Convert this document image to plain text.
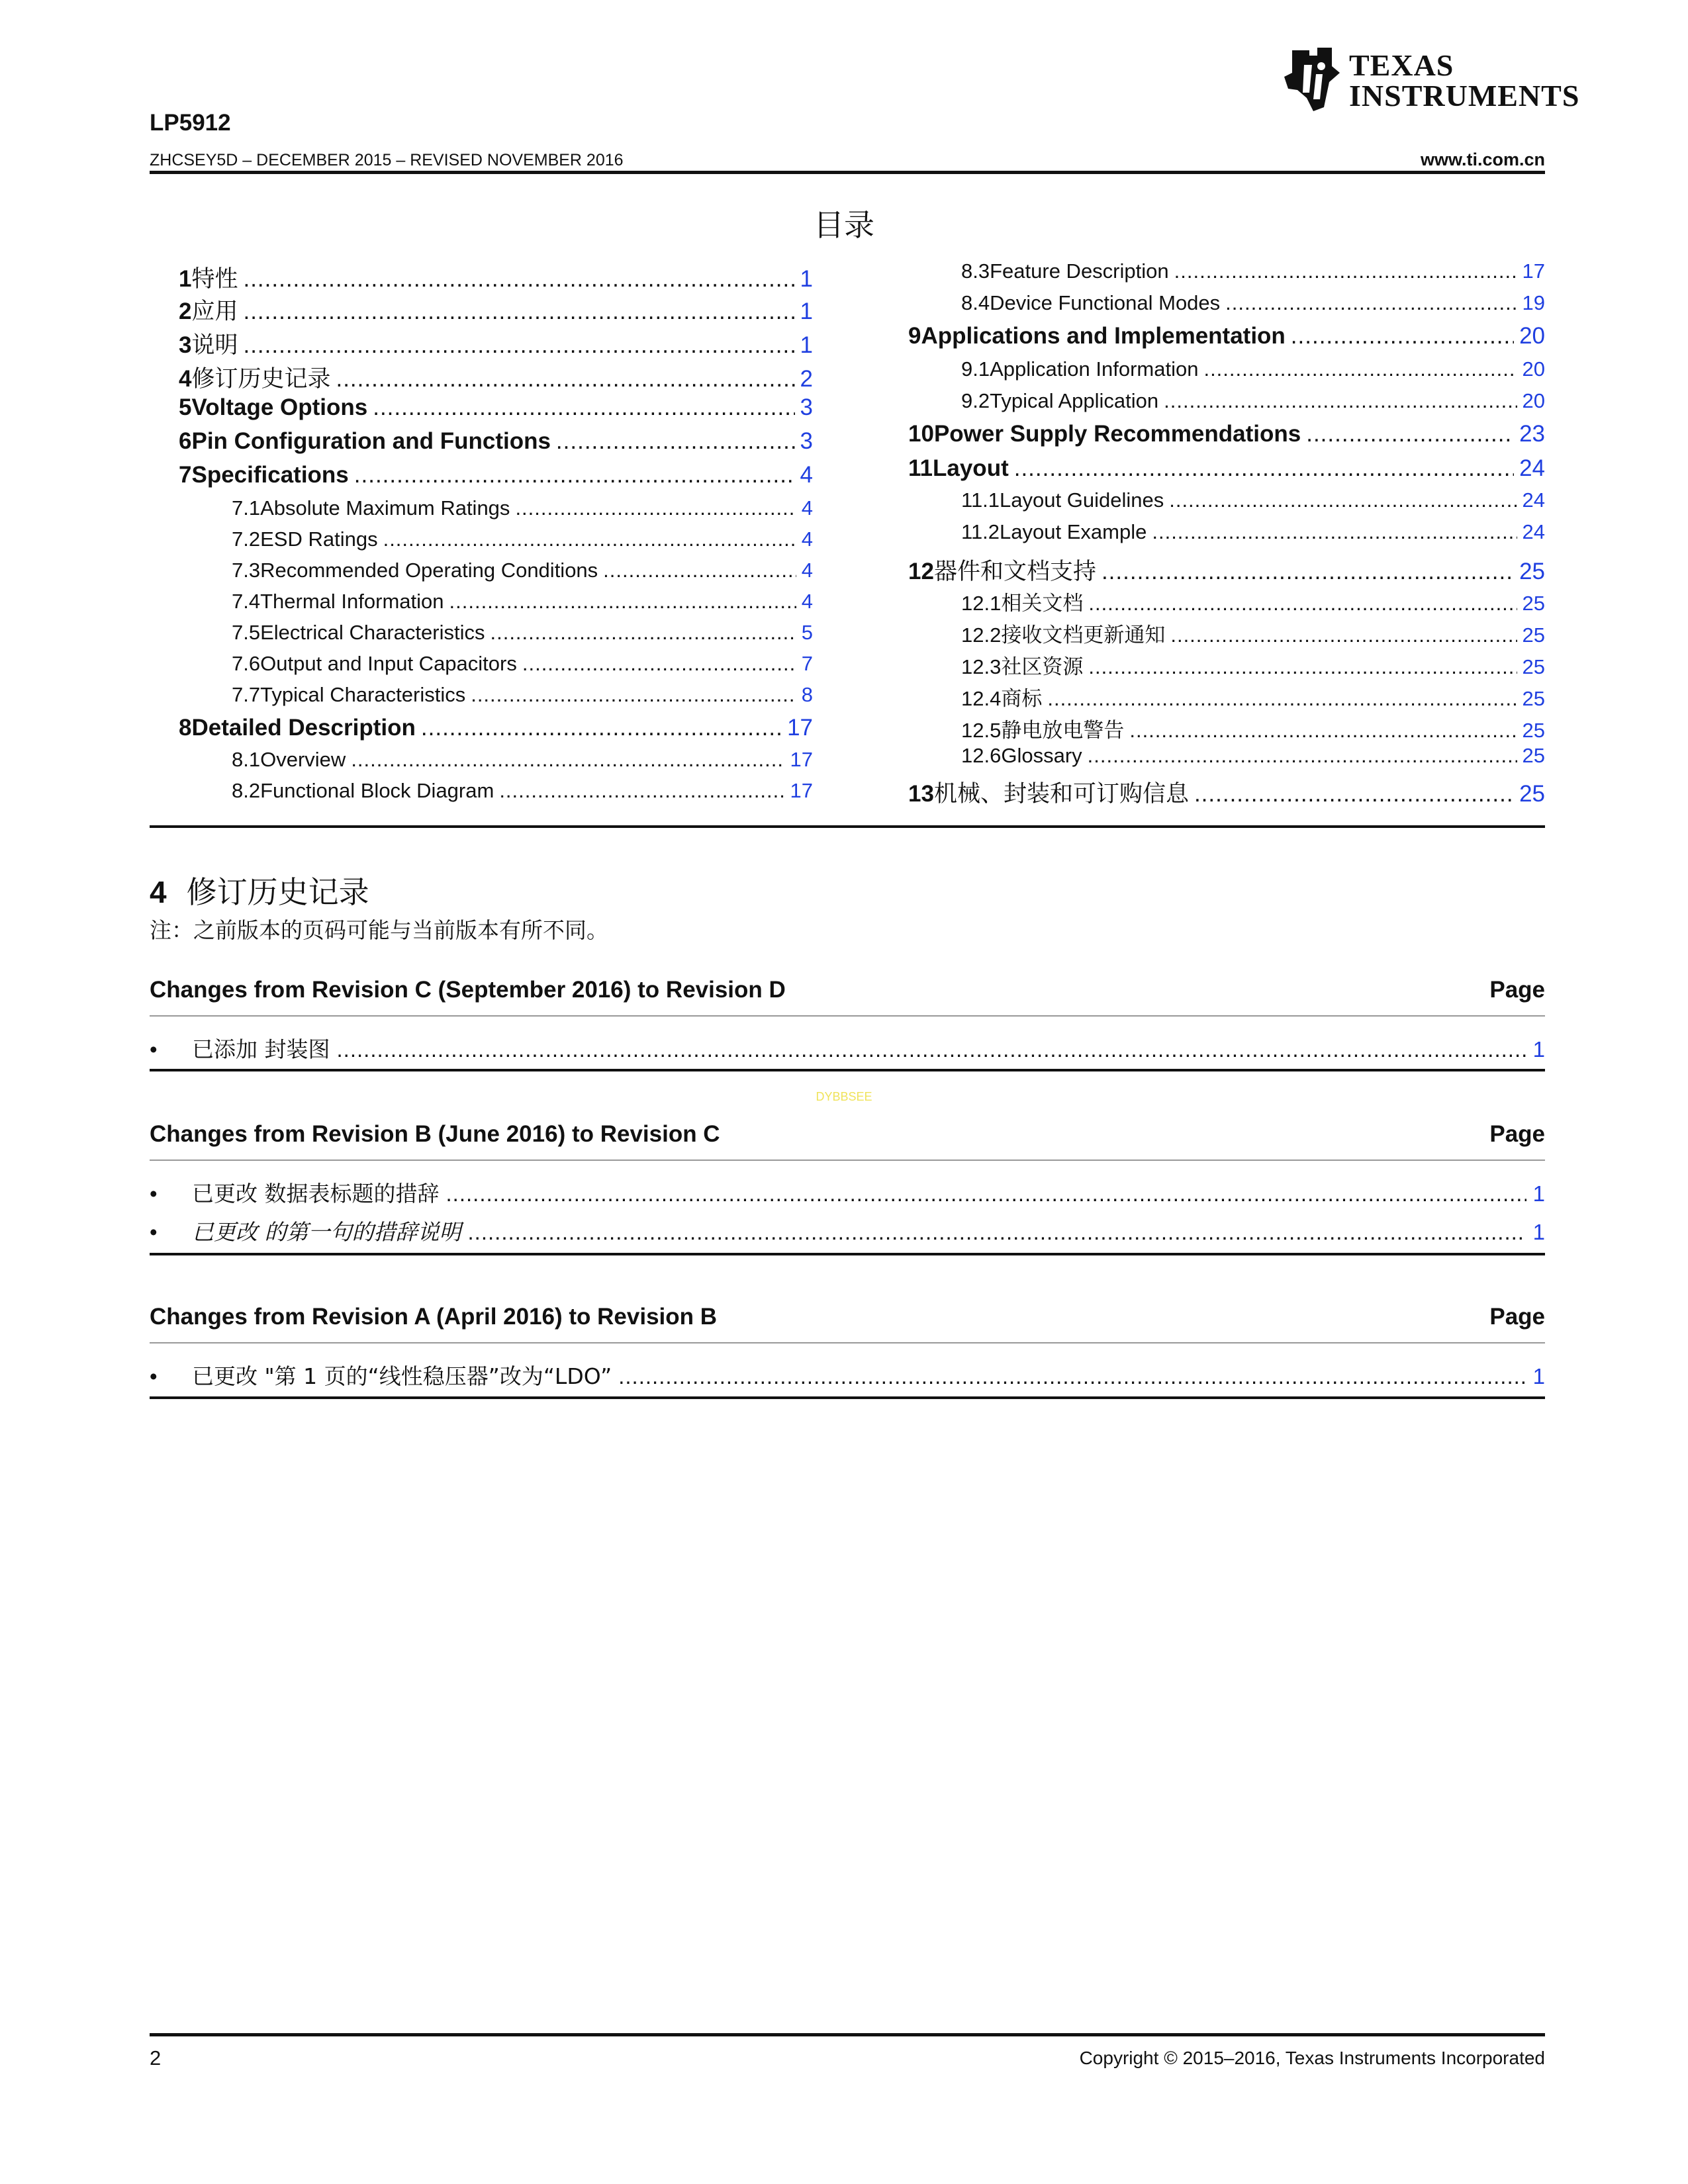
TEXAS
INSTRUMENTS
LP5912
ZHCSEY5D – DECEMBER 2015 – REVISED NOVEMBER 2016	www.ti.com.cn
目录
4 修订历史记录
注：之前版本的页码可能与当前版本有所不同。
Changes from Revision C (September 2016) to Revision D	Page
•	已添加 封装图 .....	1
DYBBSEE
Changes from Revision B (June 2016) to Revision C	Page
•	已更改 数据表标题的措辞 .....	1
•	已更改 的第一句的措辞说明 .....	1
Changes from Revision A (April 2016) to Revision B	Page
•	已更改 "第 1 页的“线性稳压器”改为“LDO” .....	1
2	Copyright © 2015–2016, Texas Instruments Incorporated
1 特性 .....	1
2 应用 .....	1
3 说明 .....	1
4 修订历史记录 .....	2
5 Voltage Options .....	3
6 Pin Configuration and Functions .....	3
7 Specifications .....	4
7.1 Absolute Maximum Ratings .....	4
7.2 ESD Ratings .....	4
7.3 Recommended Operating Conditions .....	4
7.4 Thermal Information .....	4
7.5 Electrical Characteristics .....	5
7.6 Output and Input Capacitors .....	7
7.7 Typical Characteristics .....	8
8 Detailed Description .....	17
8.1 Overview .....	17
8.2 Functional Block Diagram .....	17
8.3 Feature Description .....	17
8.4 Device Functional Modes .....	19
9 Applications and Implementation .....	20
9.1 Application Information .....	20
9.2 Typical Application .....	20
10 Power Supply Recommendations .....	23
11 Layout .....	24
11.1 Layout Guidelines .....	24
11.2 Layout Example .....	24
12 器件和文档支持 .....	25
12.1 相关文档 .....	25
12.2 接收文档更新通知 .....	25
12.3 社区资源 .....	25
12.4 商标 .....	25
12.5 静电放电警告 .....	25
12.6 Glossary .....	25
13 机械、封装和可订购信息 .....	25
